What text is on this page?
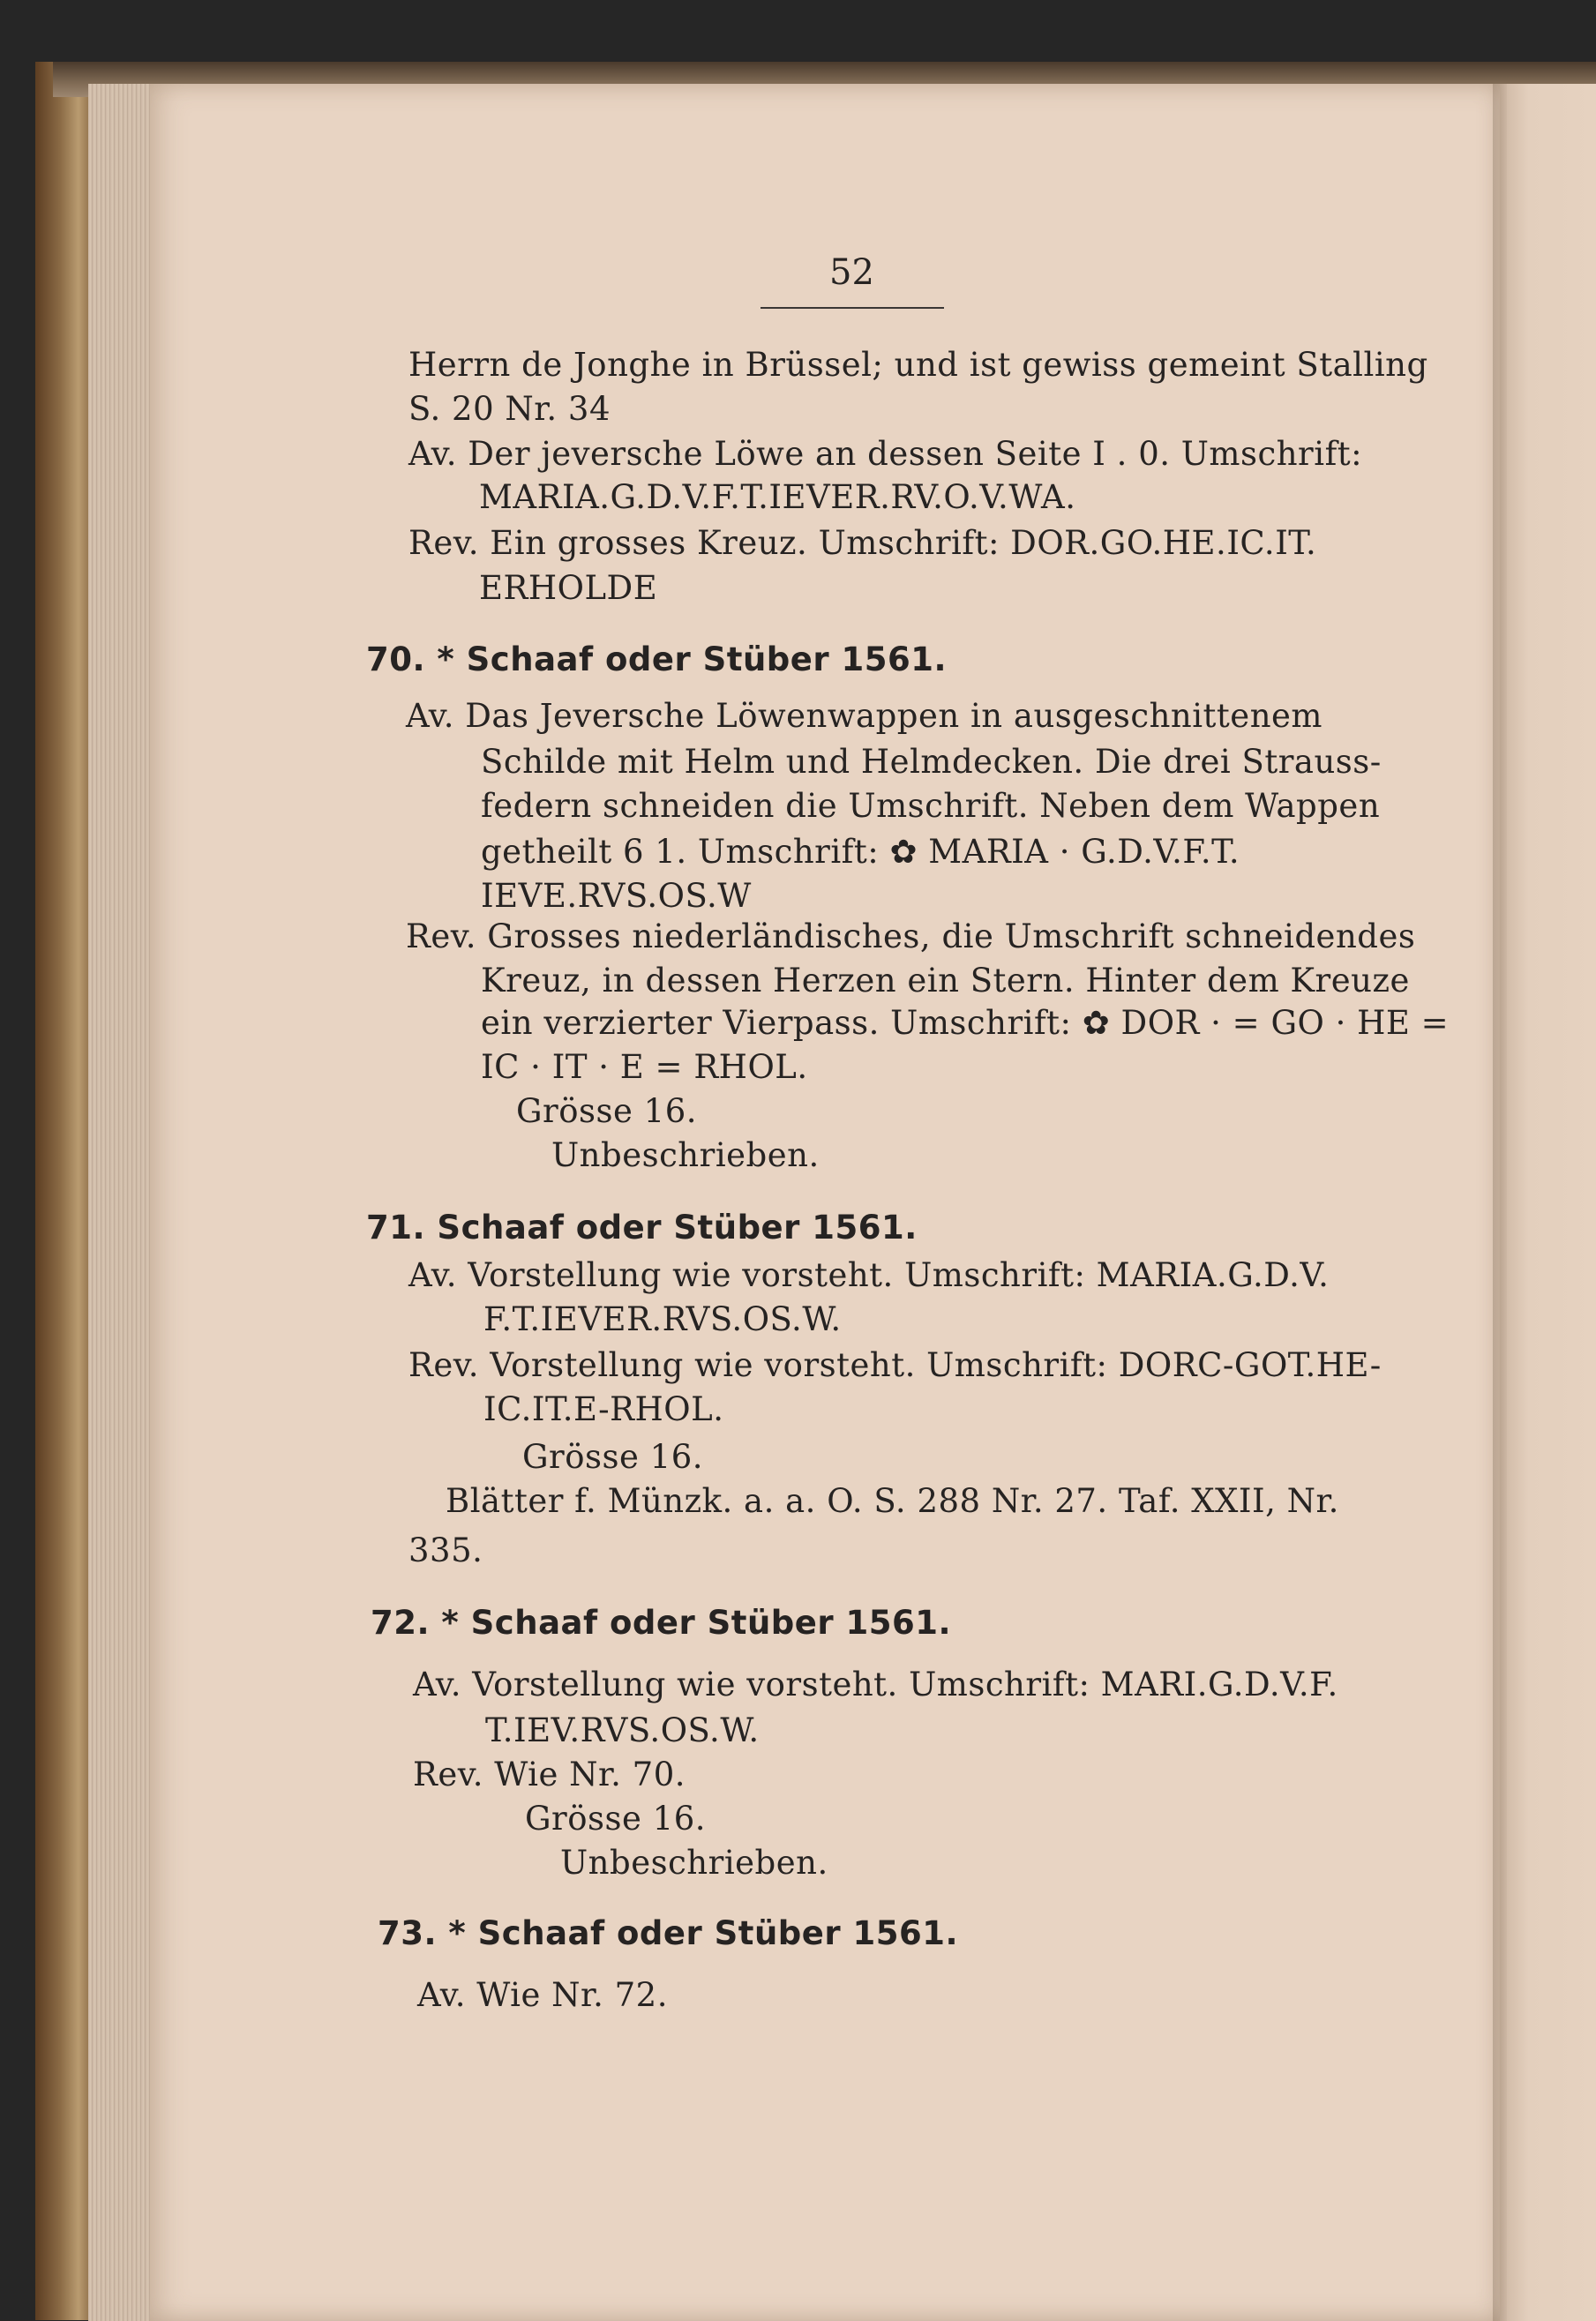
52
Herrn de Jonghe in Brüssel; und ist gewiss gemeint Stalling
S. 20 Nr. 34
Av. Der jeversche Löwe an dessen Seite I . 0. Umschrift:
MARIA.G.D.V.F.T.IEVER.RV.O.V.WA.
Rev. Ein grosses Kreuz. Umschrift: DOR.GO.HE.IC.IT.
ERHOLDE
70. * Schaaf oder Stüber 1561.
Av. Das Jeversche Löwenwappen in ausgeschnittenem
Schilde mit Helm und Helmdecken. Die drei Strauss-
federn schneiden die Umschrift. Neben dem Wappen
getheilt 6 1. Umschrift: ✿ MARIA · G.D.V.F.T.
IEVE.RVS.OS.W
Rev. Grosses niederländisches, die Umschrift schneidendes
Kreuz, in dessen Herzen ein Stern. Hinter dem Kreuze
ein verzierter Vierpass. Umschrift: ✿ DOR · = GO · HE =
IC · IT · E = RHOL.
Grösse 16.
Unbeschrieben.
71. Schaaf oder Stüber 1561.
Av. Vorstellung wie vorsteht. Umschrift: MARIA.G.D.V.
F.T.IEVER.RVS.OS.W.
Rev. Vorstellung wie vorsteht. Umschrift: DORC-GOT.HE-
IC.IT.E-RHOL.
Grösse 16.
Blätter f. Münzk. a. a. O. S. 288 Nr. 27. Taf. XXII, Nr.
335.
72. * Schaaf oder Stüber 1561.
Av. Vorstellung wie vorsteht. Umschrift: MARI.G.D.V.F.
T.IEV.RVS.OS.W.
Rev. Wie Nr. 70.
Grösse 16.
Unbeschrieben.
73. * Schaaf oder Stüber 1561.
Av. Wie Nr. 72.
